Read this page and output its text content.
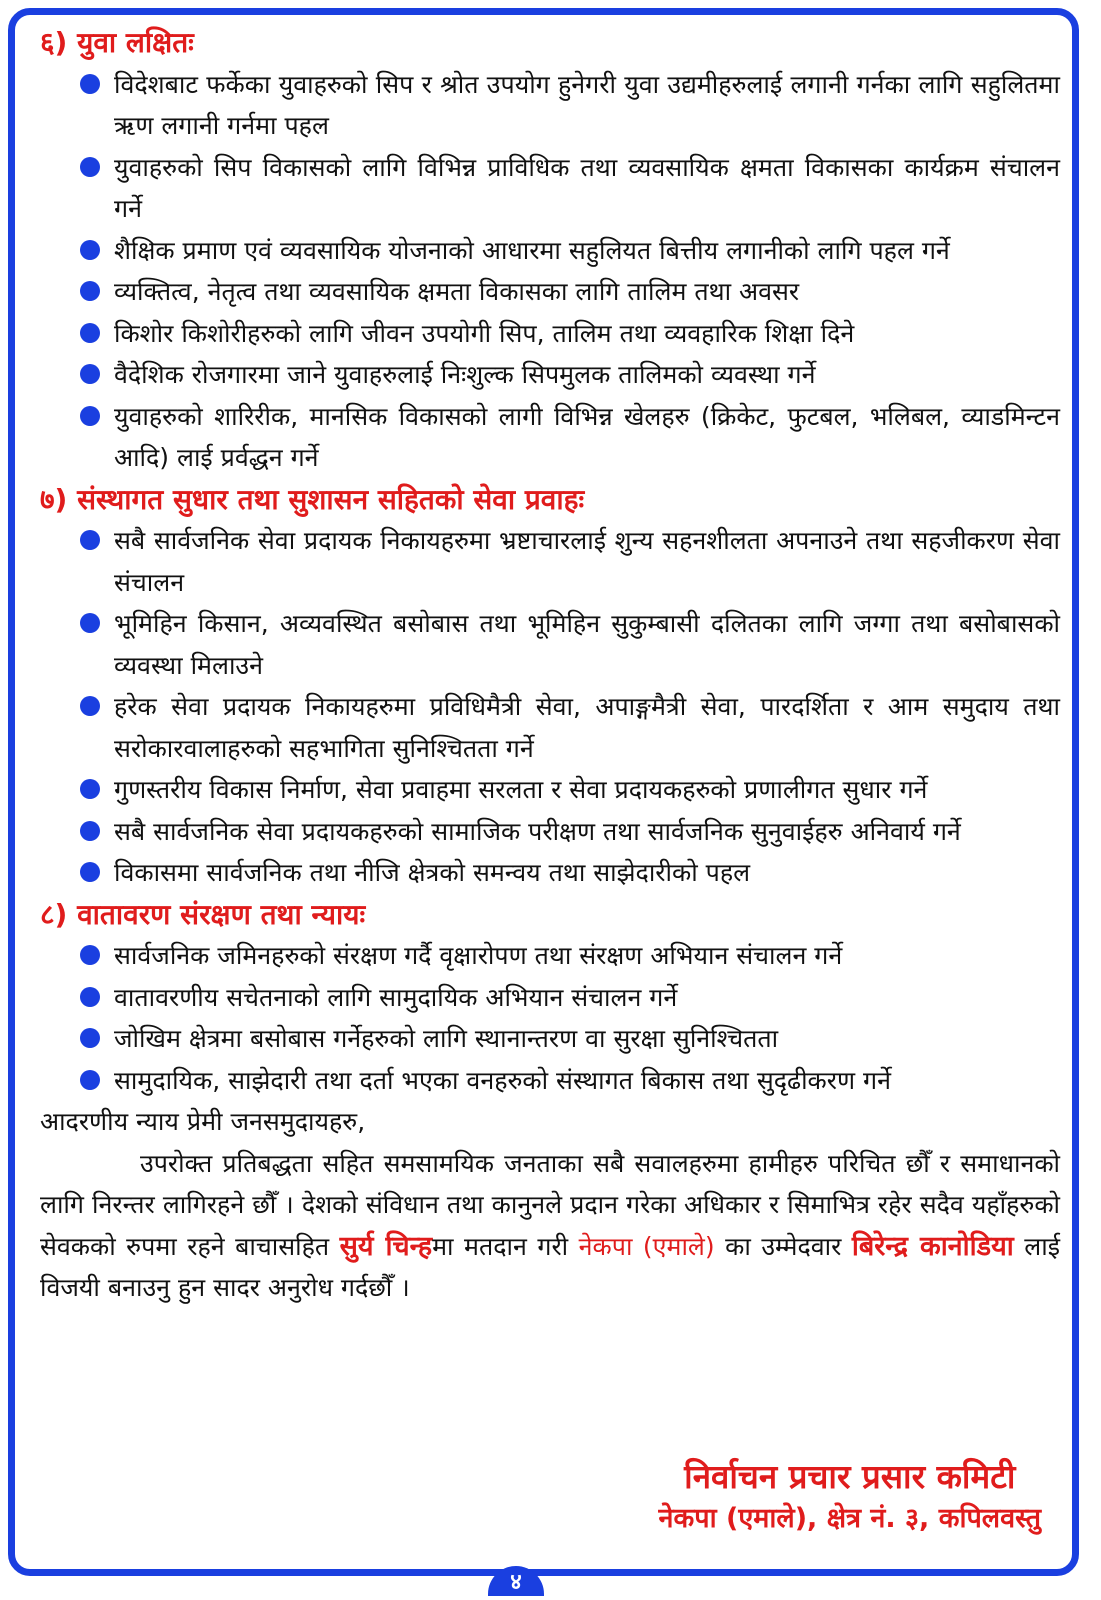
६) युवा लक्षितः
विदेशबाट फर्केका युवाहरुको सिप र श्रोत उपयोग हुनेगरी युवा उद्यमीहरुलाई लगानी गर्नका लागि सहुलितमा ऋण लगानी गर्नमा पहल
युवाहरुको सिप विकासको लागि विभिन्न प्राविधिक तथा व्यवसायिक क्षमता विकासका कार्यक्रम संचालन गर्ने
शैक्षिक प्रमाण एवं व्यवसायिक योजनाको आधारमा सहुलियत बित्तीय लगानीको लागि पहल गर्ने
व्यक्तित्व, नेतृत्व तथा व्यवसायिक क्षमता विकासका लागि तालिम तथा अवसर
किशोर किशोरीहरुको लागि जीवन उपयोगी सिप, तालिम तथा व्यवहारिक शिक्षा दिने
वैदेशिक रोजगारमा जाने युवाहरुलाई निःशुल्क सिपमुलक तालिमको व्यवस्था गर्ने
युवाहरुको शारिरीक, मानसिक विकासको लागी विभिन्न खेलहरु (क्रिकेट, फुटबल, भलिबल, व्याडमिन्टन आदि) लाई प्रर्वद्धन गर्ने
७) संस्थागत सुधार तथा सुशासन सहितको सेवा प्रवाहः
सबै सार्वजनिक सेवा प्रदायक निकायहरुमा भ्रष्टाचारलाई शुन्य सहनशीलता अपनाउने तथा सहजीकरण सेवा संचालन
भूमिहिन किसान, अव्यवस्थित बसोबास तथा भूमिहिन सुकुम्बासी दलितका लागि जग्गा तथा बसोबासको व्यवस्था मिलाउने
हरेक सेवा प्रदायक निकायहरुमा प्रविधिमैत्री सेवा, अपाङ्गमैत्री सेवा, पारदर्शिता र आम समुदाय तथा सरोकारवालाहरुको सहभागिता सुनिश्चितता गर्ने
गुणस्तरीय विकास निर्माण, सेवा प्रवाहमा सरलता र सेवा प्रदायकहरुको प्रणालीगत सुधार गर्ने
सबै सार्वजनिक सेवा प्रदायकहरुको सामाजिक परीक्षण तथा सार्वजनिक सुनुवाईहरु अनिवार्य गर्ने
विकासमा सार्वजनिक तथा नीजि क्षेत्रको समन्वय तथा साझेदारीको पहल
८) वातावरण संरक्षण तथा न्यायः
सार्वजनिक जमिनहरुको संरक्षण गर्दै वृक्षारोपण तथा संरक्षण अभियान संचालन गर्ने
वातावरणीय सचेतनाको लागि सामुदायिक अभियान संचालन गर्ने
जोखिम क्षेत्रमा बसोबास गर्नेहरुको लागि स्थानान्तरण वा सुरक्षा सुनिश्चितता
सामुदायिक, साझेदारी तथा दर्ता भएका वनहरुको संस्थागत बिकास तथा सुदृढीकरण गर्ने

आदरणीय न्याय प्रेमी जनसमुदायहरु,

उपरोक्त प्रतिबद्धता सहित समसामयिक जनताका सबै सवालहरुमा हामीहरु परिचित छौँ र समाधानको लागि निरन्तर लागिरहने छौँ । देशको संविधान तथा कानुनले प्रदान गरेका अधिकार र सिमाभित्र रहेर सदैव यहाँहरुको सेवकको रुपमा रहने बाचासहित सुर्य चिन्हमा मतदान गरी नेकपा (एमाले) का उम्मेदवार बिरेन्द्र कानोडिया लाई विजयी बनाउनु हुन सादर अनुरोध गर्दछौँ ।

निर्वाचन प्रचार प्रसार कमिटी
नेकपा (एमाले), क्षेत्र नं. ३, कपिलवस्तु
४
